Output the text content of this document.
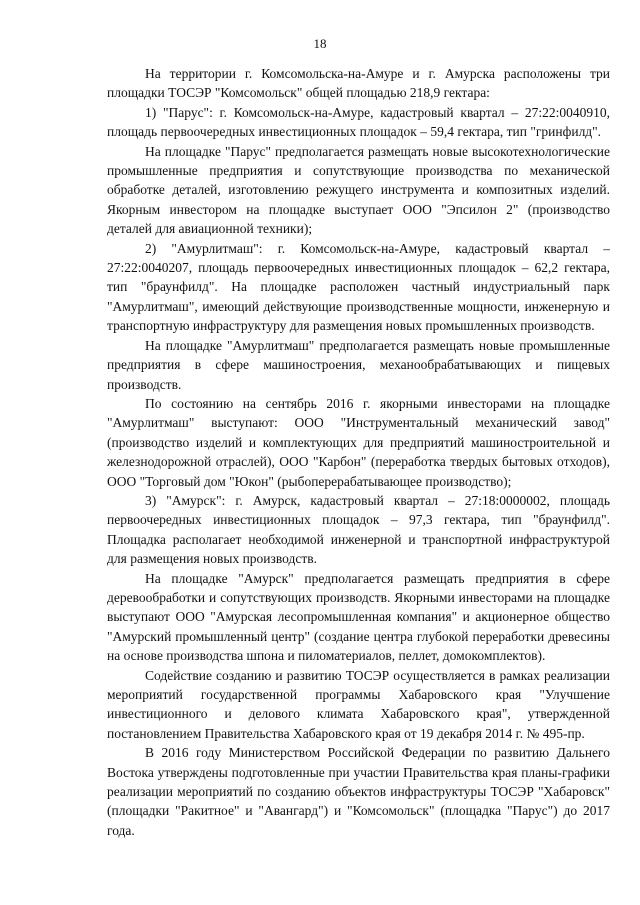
18

На территории г. Комсомольска-на-Амуре и г. Амурска расположены три площадки ТОСЭР "Комсомольск" общей площадью 218,9 гектара:

1) "Парус": г. Комсомольск-на-Амуре, кадастровый квартал – 27:22:0040910, площадь первоочередных инвестиционных площадок – 59,4 гектара, тип "гринфилд".

На площадке "Парус" предполагается размещать новые высокотехнологические промышленные предприятия и сопутствующие производства по механической обработке деталей, изготовлению режущего инструмента и композитных изделий. Якорным инвестором на площадке выступает ООО "Эпсилон 2" (производство деталей для авиационной техники);

2) "Амурлитмаш": г. Комсомольск-на-Амуре, кадастровый квартал – 27:22:0040207, площадь первоочередных инвестиционных площадок – 62,2 гектара, тип "браунфилд". На площадке расположен частный индустриальный парк "Амурлитмаш", имеющий действующие производственные мощности, инженерную и транспортную инфраструктуру для размещения новых промышленных производств.

На площадке "Амурлитмаш" предполагается размещать новые промышленные предприятия в сфере машиностроения, механообрабатывающих и пищевых производств.

По состоянию на сентябрь 2016 г. якорными инвесторами на площадке "Амурлитмаш" выступают: ООО "Инструментальный механический завод" (производство изделий и комплектующих для предприятий машиностроительной и железнодорожной отраслей), ООО "Карбон" (переработка твердых бытовых отходов), ООО "Торговый дом "Юкон" (рыбоперерабатывающее производство);

3) "Амурск": г. Амурск, кадастровый квартал – 27:18:0000002, площадь первоочередных инвестиционных площадок – 97,3 гектара, тип "браунфилд". Площадка располагает необходимой инженерной и транспортной инфраструктурой для размещения новых производств.

На площадке "Амурск" предполагается размещать предприятия в сфере деревообработки и сопутствующих производств. Якорными инвесторами на площадке выступают ООО "Амурская лесопромышленная компания" и акционерное общество "Амурский промышленный центр" (создание центра глубокой переработки древесины на основе производства шпона и пиломатериалов, пеллет, домокомплектов).

Содействие созданию и развитию ТОСЭР осуществляется в рамках реализации мероприятий государственной программы Хабаровского края "Улучшение инвестиционного и делового климата Хабаровского края", утвержденной постановлением Правительства Хабаровского края от 19 декабря 2014 г. № 495-пр.

В 2016 году Министерством Российской Федерации по развитию Дальнего Востока утверждены подготовленные при участии Правительства края планы-графики реализации мероприятий по созданию объектов инфраструктуры ТОСЭР "Хабаровск" (площадки "Ракитное" и "Авангард") и "Комсомольск" (площадка "Парус") до 2017 года.
